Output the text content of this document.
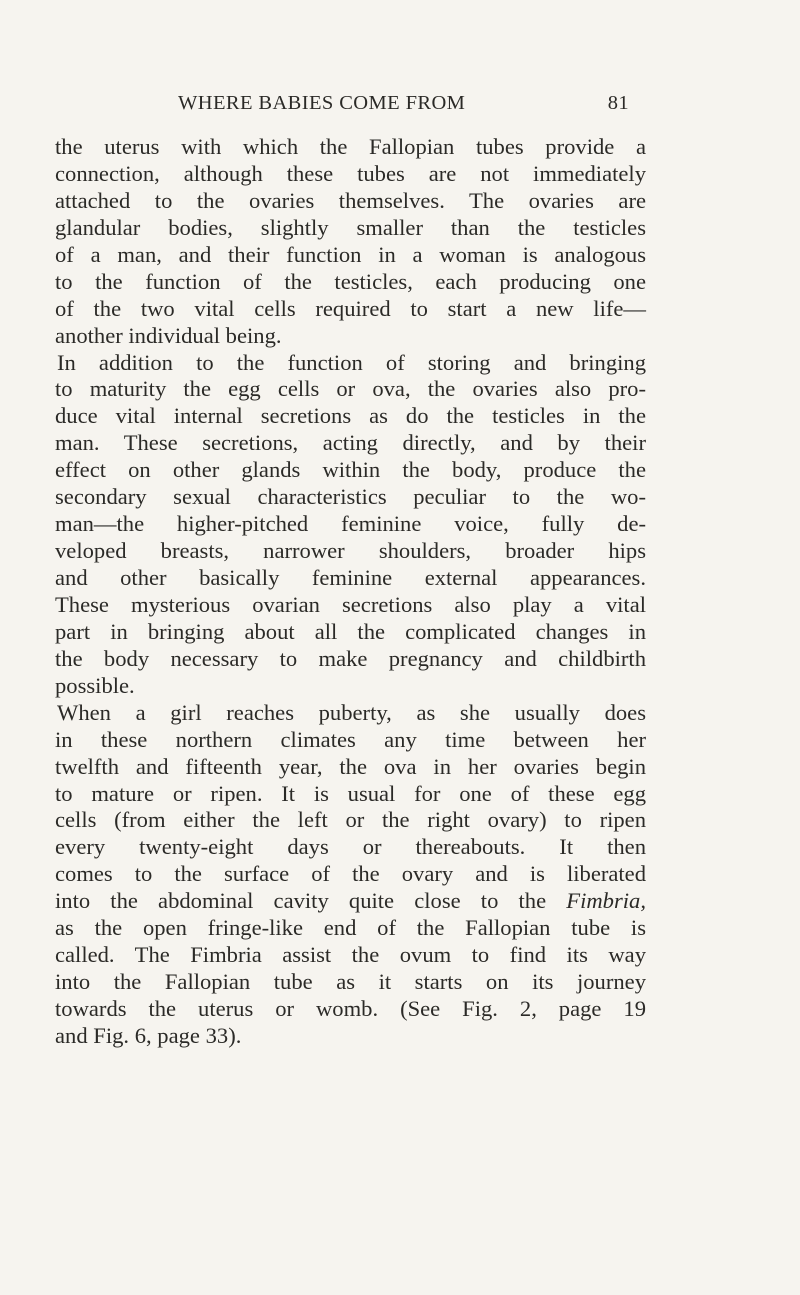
WHERE BABIES COME FROM	81
the uterus with which the Fallopian tubes provide a
connection, although these tubes are not immediately
attached to the ovaries themselves. The ovaries are
glandular bodies, slightly smaller than the testicles
of a man, and their function in a woman is analogous
to the function of the testicles, each producing one
of the two vital cells required to start a new life—
another individual being.
In addition to the function of storing and bringing
to maturity the egg cells or ova, the ovaries also pro-
duce vital internal secretions as do the testicles in the
man. These secretions, acting directly, and by their
effect on other glands within the body, produce the
secondary sexual characteristics peculiar to the wo-
man—the higher-pitched feminine voice, fully de-
veloped breasts, narrower shoulders, broader hips
and other basically feminine external appearances.
These mysterious ovarian secretions also play a vital
part in bringing about all the complicated changes in
the body necessary to make pregnancy and childbirth
possible.
When a girl reaches puberty, as she usually does
in these northern climates any time between her
twelfth and fifteenth year, the ova in her ovaries begin
to mature or ripen. It is usual for one of these egg
cells (from either the left or the right ovary) to ripen
every twenty-eight days or thereabouts. It then
comes to the surface of the ovary and is liberated
into the abdominal cavity quite close to the Fimbria,
as the open fringe-like end of the Fallopian tube is
called. The Fimbria assist the ovum to find its way
into the Fallopian tube as it starts on its journey
towards the uterus or womb. (See Fig. 2, page 19
and Fig. 6, page 33).
